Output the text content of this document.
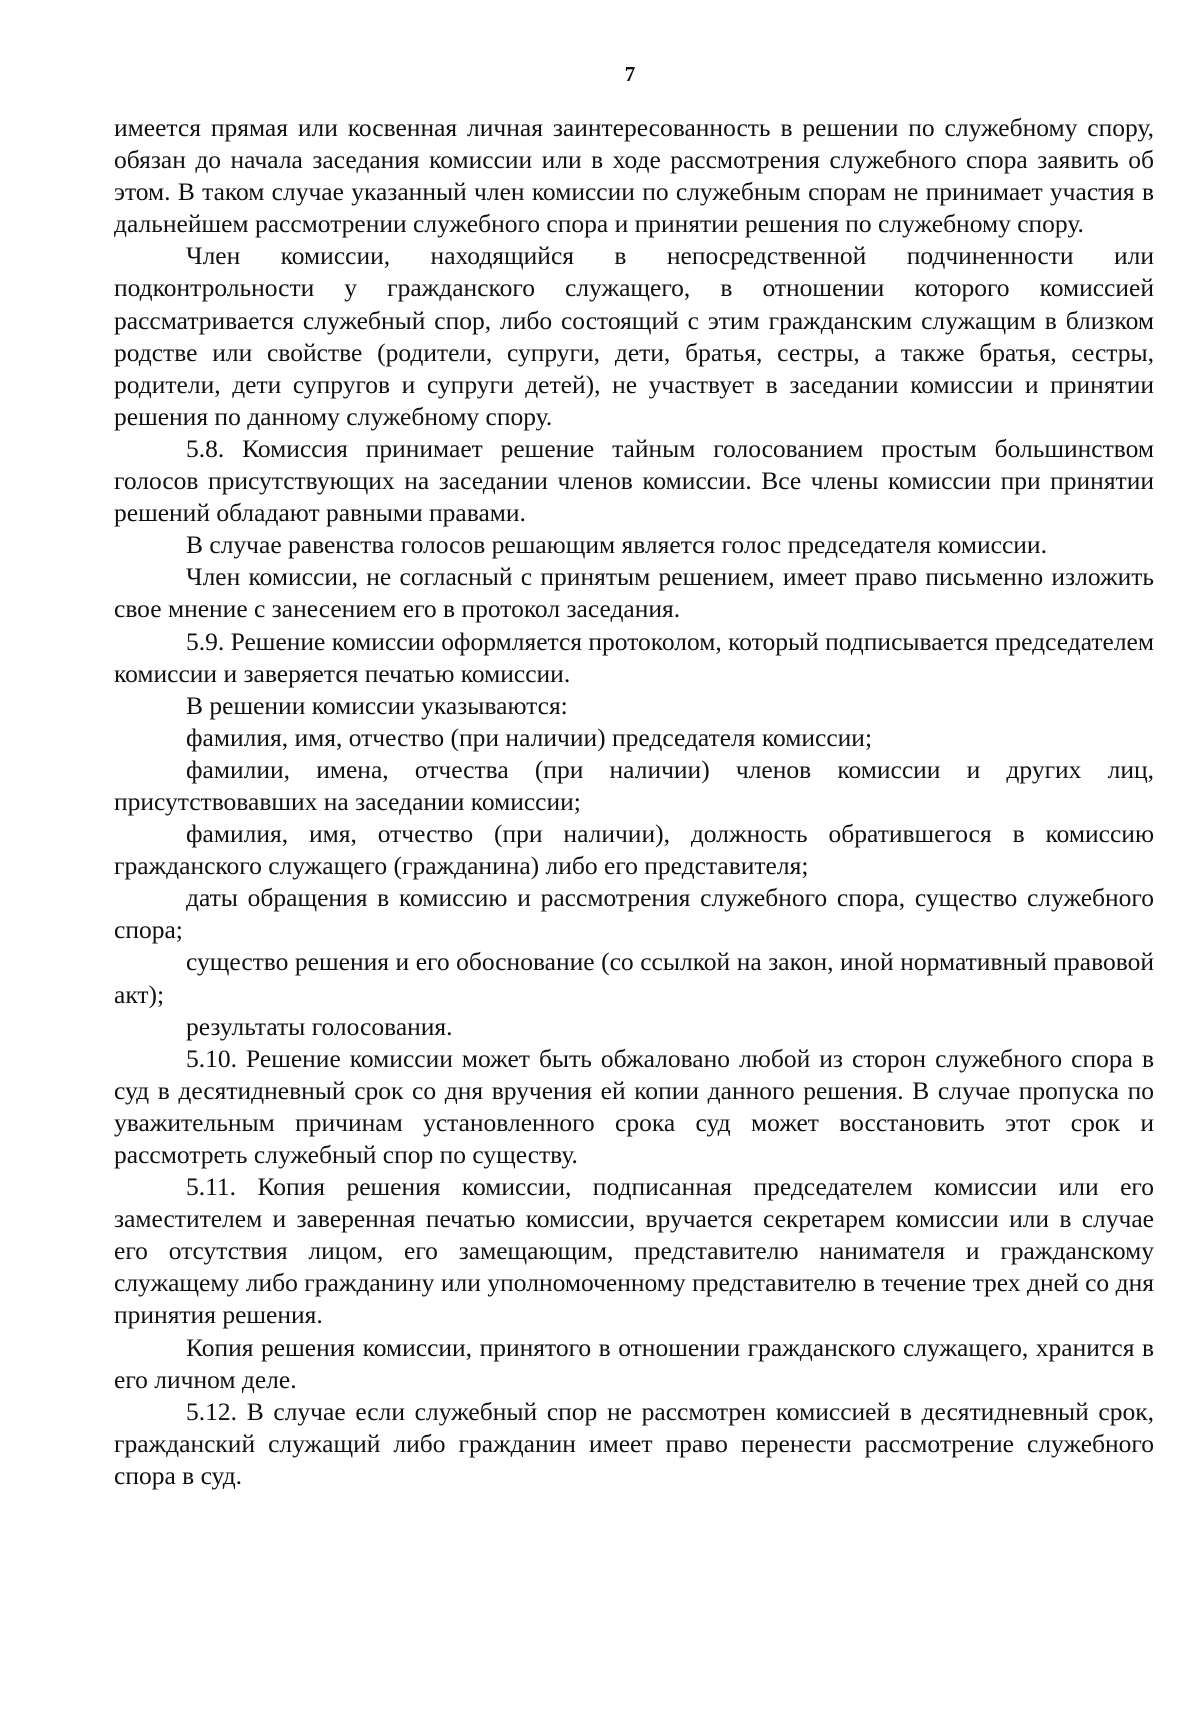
7

имеется прямая или косвенная личная заинтересованность в решении по служебному спору, обязан до начала заседания комиссии или в ходе рассмотрения служебного спора заявить об этом. В таком случае указанный член комиссии по служебным спорам не принимает участия в дальнейшем рассмотрении служебного спора и принятии решения по служебному спору.

Член комиссии, находящийся в непосредственной подчиненности или подконтрольности у гражданского служащего, в отношении которого комиссией рассматривается служебный спор, либо состоящий с этим гражданским служащим в близком родстве или свойстве (родители, супруги, дети, братья, сестры, а также братья, сестры, родители, дети супругов и супруги детей), не участвует в заседании комиссии и принятии решения по данному служебному спору.

5.8. Комиссия принимает решение тайным голосованием простым большинством голосов присутствующих на заседании членов комиссии. Все члены комиссии при принятии решений обладают равными правами.

В случае равенства голосов решающим является голос председателя комиссии.

Член комиссии, не согласный с принятым решением, имеет право письменно изложить свое мнение с занесением его в протокол заседания.

5.9. Решение комиссии оформляется протоколом, который подписывается председателем комиссии и заверяется печатью комиссии.

В решении комиссии указываются:

фамилия, имя, отчество (при наличии) председателя комиссии;

фамилии, имена, отчества (при наличии) членов комиссии и других лиц, присутствовавших на заседании комиссии;

фамилия, имя, отчество (при наличии), должность обратившегося в комиссию гражданского служащего (гражданина) либо его представителя;

даты обращения в комиссию и рассмотрения служебного спора, существо служебного спора;

существо решения и его обоснование (со ссылкой на закон, иной нормативный правовой акт);

результаты голосования.

5.10. Решение комиссии может быть обжаловано любой из сторон служебного спора в суд в десятидневный срок со дня вручения ей копии данного решения. В случае пропуска по уважительным причинам установленного срока суд может восстановить этот срок и рассмотреть служебный спор по существу.

5.11. Копия решения комиссии, подписанная председателем комиссии или его заместителем и заверенная печатью комиссии, вручается секретарем комиссии или в случае его отсутствия лицом, его замещающим, представителю нанимателя и гражданскому служащему либо гражданину или уполномоченному представителю в течение трех дней со дня принятия решения.

Копия решения комиссии, принятого в отношении гражданского служащего, хранится в его личном деле.

5.12. В случае если служебный спор не рассмотрен комиссией в десятидневный срок, гражданский служащий либо гражданин имеет право перенести рассмотрение служебного спора в суд.
